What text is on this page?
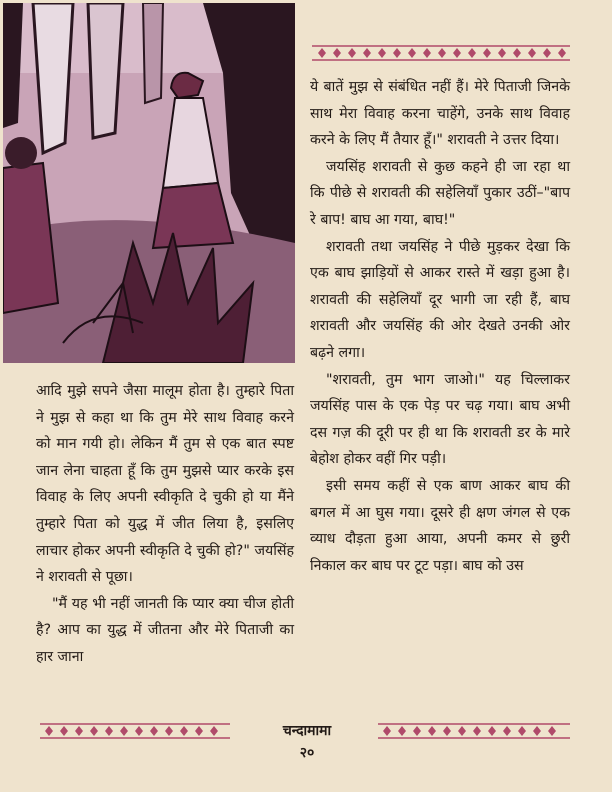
ये बातें मुझ से संबंधित नहीं हैं। मेरे पिताजी जिनके साथ मेरा विवाह करना चाहेंगे, उनके साथ विवाह करने के लिए मैं तैयार हूँ।" शरावती ने उत्तर दिया।

जयसिंह शरावती से कुछ कहने ही जा रहा था कि पीछे से शरावती की सहेलियाँ पुकार उठीं–"बाप रे बाप! बाघ आ गया, बाघ!"

शरावती तथा जयसिंह ने पीछे मुड़कर देखा कि एक बाघ झाड़ियों से आकर रास्ते में खड़ा हुआ है। शरावती की सहेलियाँ दूर भागी जा रही हैं, बाघ शरावती और जयसिंह की ओर देखते उनकी ओर बढ़ने लगा।

"शरावती, तुम भाग जाओ।" यह चिल्लाकर जयसिंह पास के एक पेड़ पर चढ़ गया। बाघ अभी दस गज़ की दूरी पर ही था कि शरावती डर के मारे बेहोश होकर वहीं गिर पड़ी।

इसी समय कहीं से एक बाण आकर बाघ की बगल में आ घुस गया। दूसरे ही क्षण जंगल से एक व्याध दौड़ता हुआ आया, अपनी कमर से छुरी निकाल कर बाघ पर टूट पड़ा। बाघ को उस

आदि मुझे सपने जैसा मालूम होता है। तुम्हारे पिता ने मुझ से कहा था कि तुम मेरे साथ विवाह करने को मान गयी हो। लेकिन मैं तुम से एक बात स्पष्ट जान लेना चाहता हूँ कि तुम मुझसे प्यार करके इस विवाह के लिए अपनी स्वीकृति दे चुकी हो या मैंने तुम्हारे पिता को युद्ध में जीत लिया है, इसलिए लाचार होकर अपनी स्वीकृति दे चुकी हो?" जयसिंह ने शरावती से पूछा।

"मैं यह भी नहीं जानती कि प्यार क्या चीज होती है? आप का युद्ध में जीतना और मेरे पिताजी का हार जाना

चन्दामामा
२०
